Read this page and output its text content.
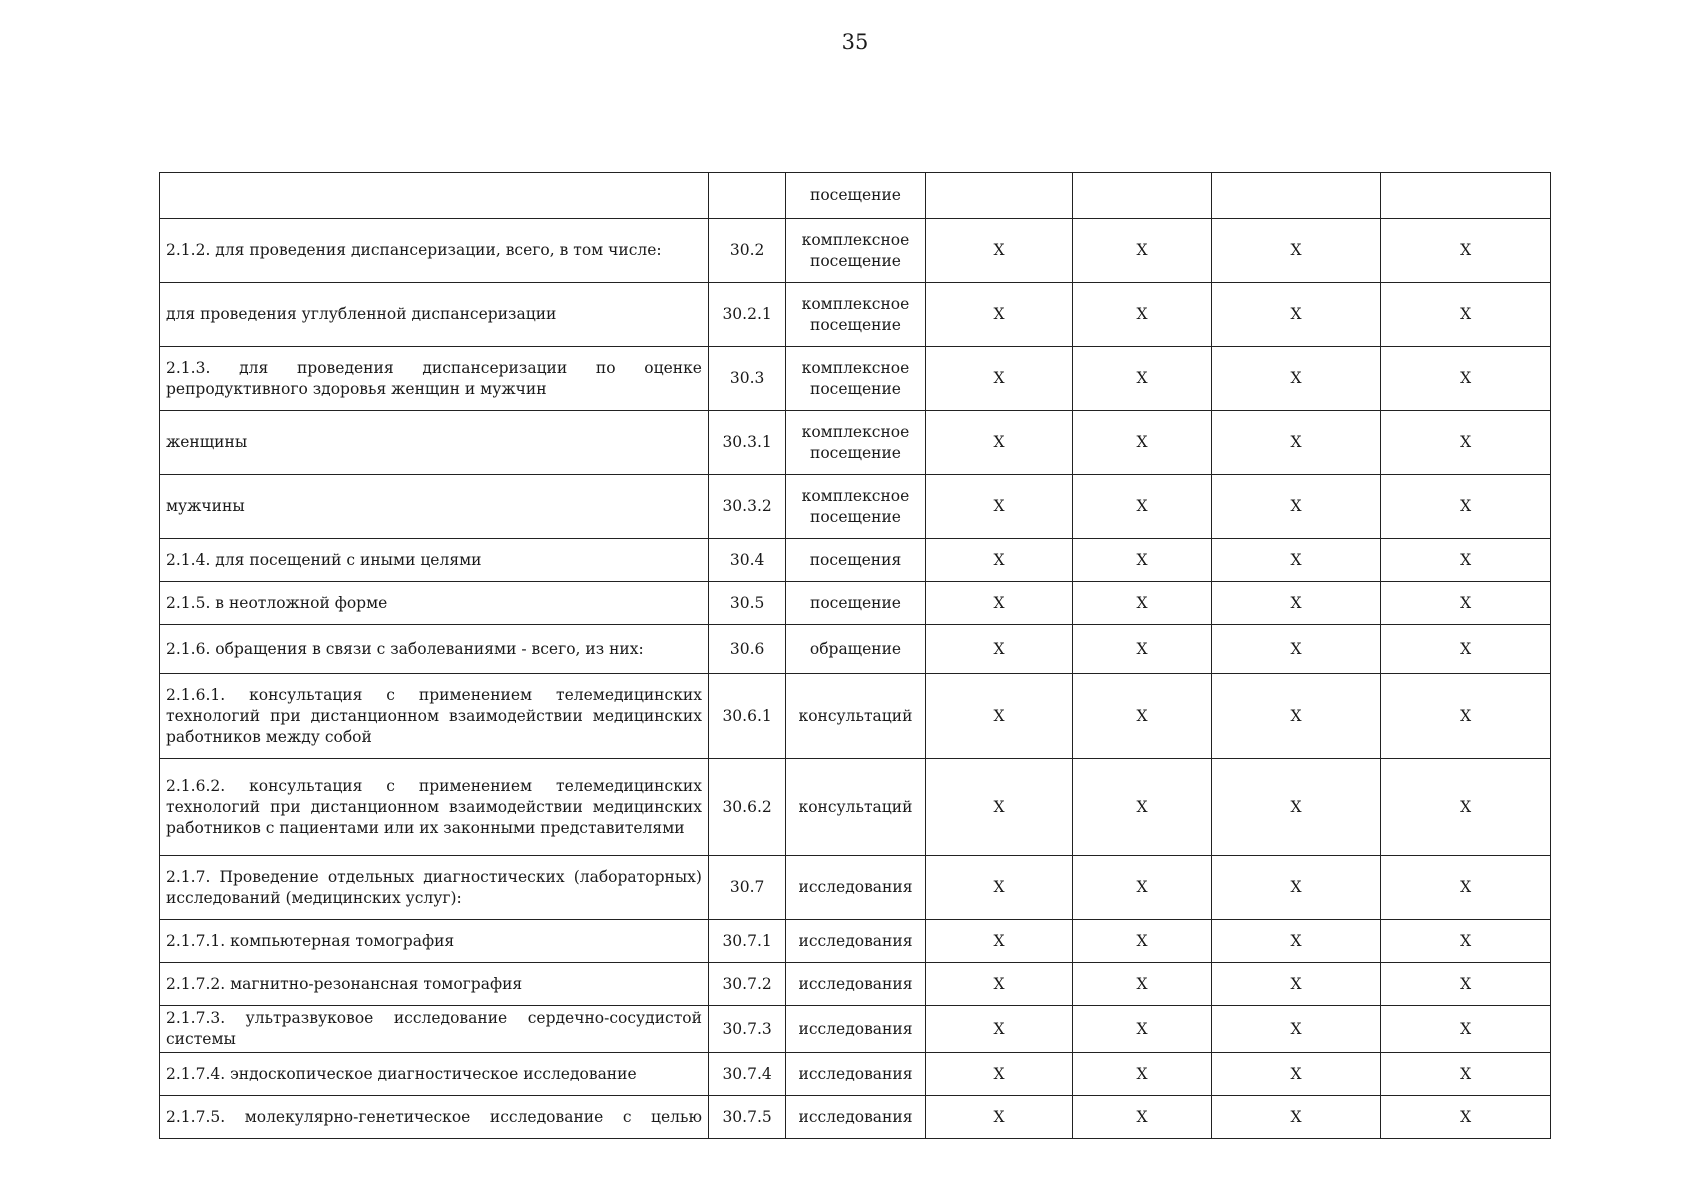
35
		посещение				
2.1.2. для проведения диспансеризации, всего, в том числе:	30.2	комплексное посещение	X	X	X	X
для проведения углубленной диспансеризации	30.2.1	комплексное посещение	X	X	X	X
2.1.3. для проведения диспансеризации по оценке репродуктивного здоровья женщин и мужчин	30.3	комплексное посещение	X	X	X	X
женщины	30.3.1	комплексное посещение	X	X	X	X
мужчины	30.3.2	комплексное посещение	X	X	X	X
2.1.4. для посещений с иными целями	30.4	посещения	X	X	X	X
2.1.5. в неотложной форме	30.5	посещение	X	X	X	X
2.1.6. обращения в связи с заболеваниями - всего, из них:	30.6	обращение	X	X	X	X
2.1.6.1. консультация с применением телемедицинских технологий при дистанционном взаимодействии медицинских работников между собой	30.6.1	консультаций	X	X	X	X
2.1.6.2. консультация с применением телемедицинских технологий при дистанционном взаимодействии медицинских работников с пациентами или их законными представителями	30.6.2	консультаций	X	X	X	X
2.1.7. Проведение отдельных диагностических (лабораторных) исследований (медицинских услуг):	30.7	исследования	X	X	X	X
2.1.7.1. компьютерная томография	30.7.1	исследования	X	X	X	X
2.1.7.2. магнитно-резонансная томография	30.7.2	исследования	X	X	X	X
2.1.7.3. ультразвуковое исследование сердечно-сосудистой системы	30.7.3	исследования	X	X	X	X
2.1.7.4. эндоскопическое диагностическое исследование	30.7.4	исследования	X	X	X	X
2.1.7.5. молекулярно-генетическое исследование с целью	30.7.5	исследования	X	X	X	X
